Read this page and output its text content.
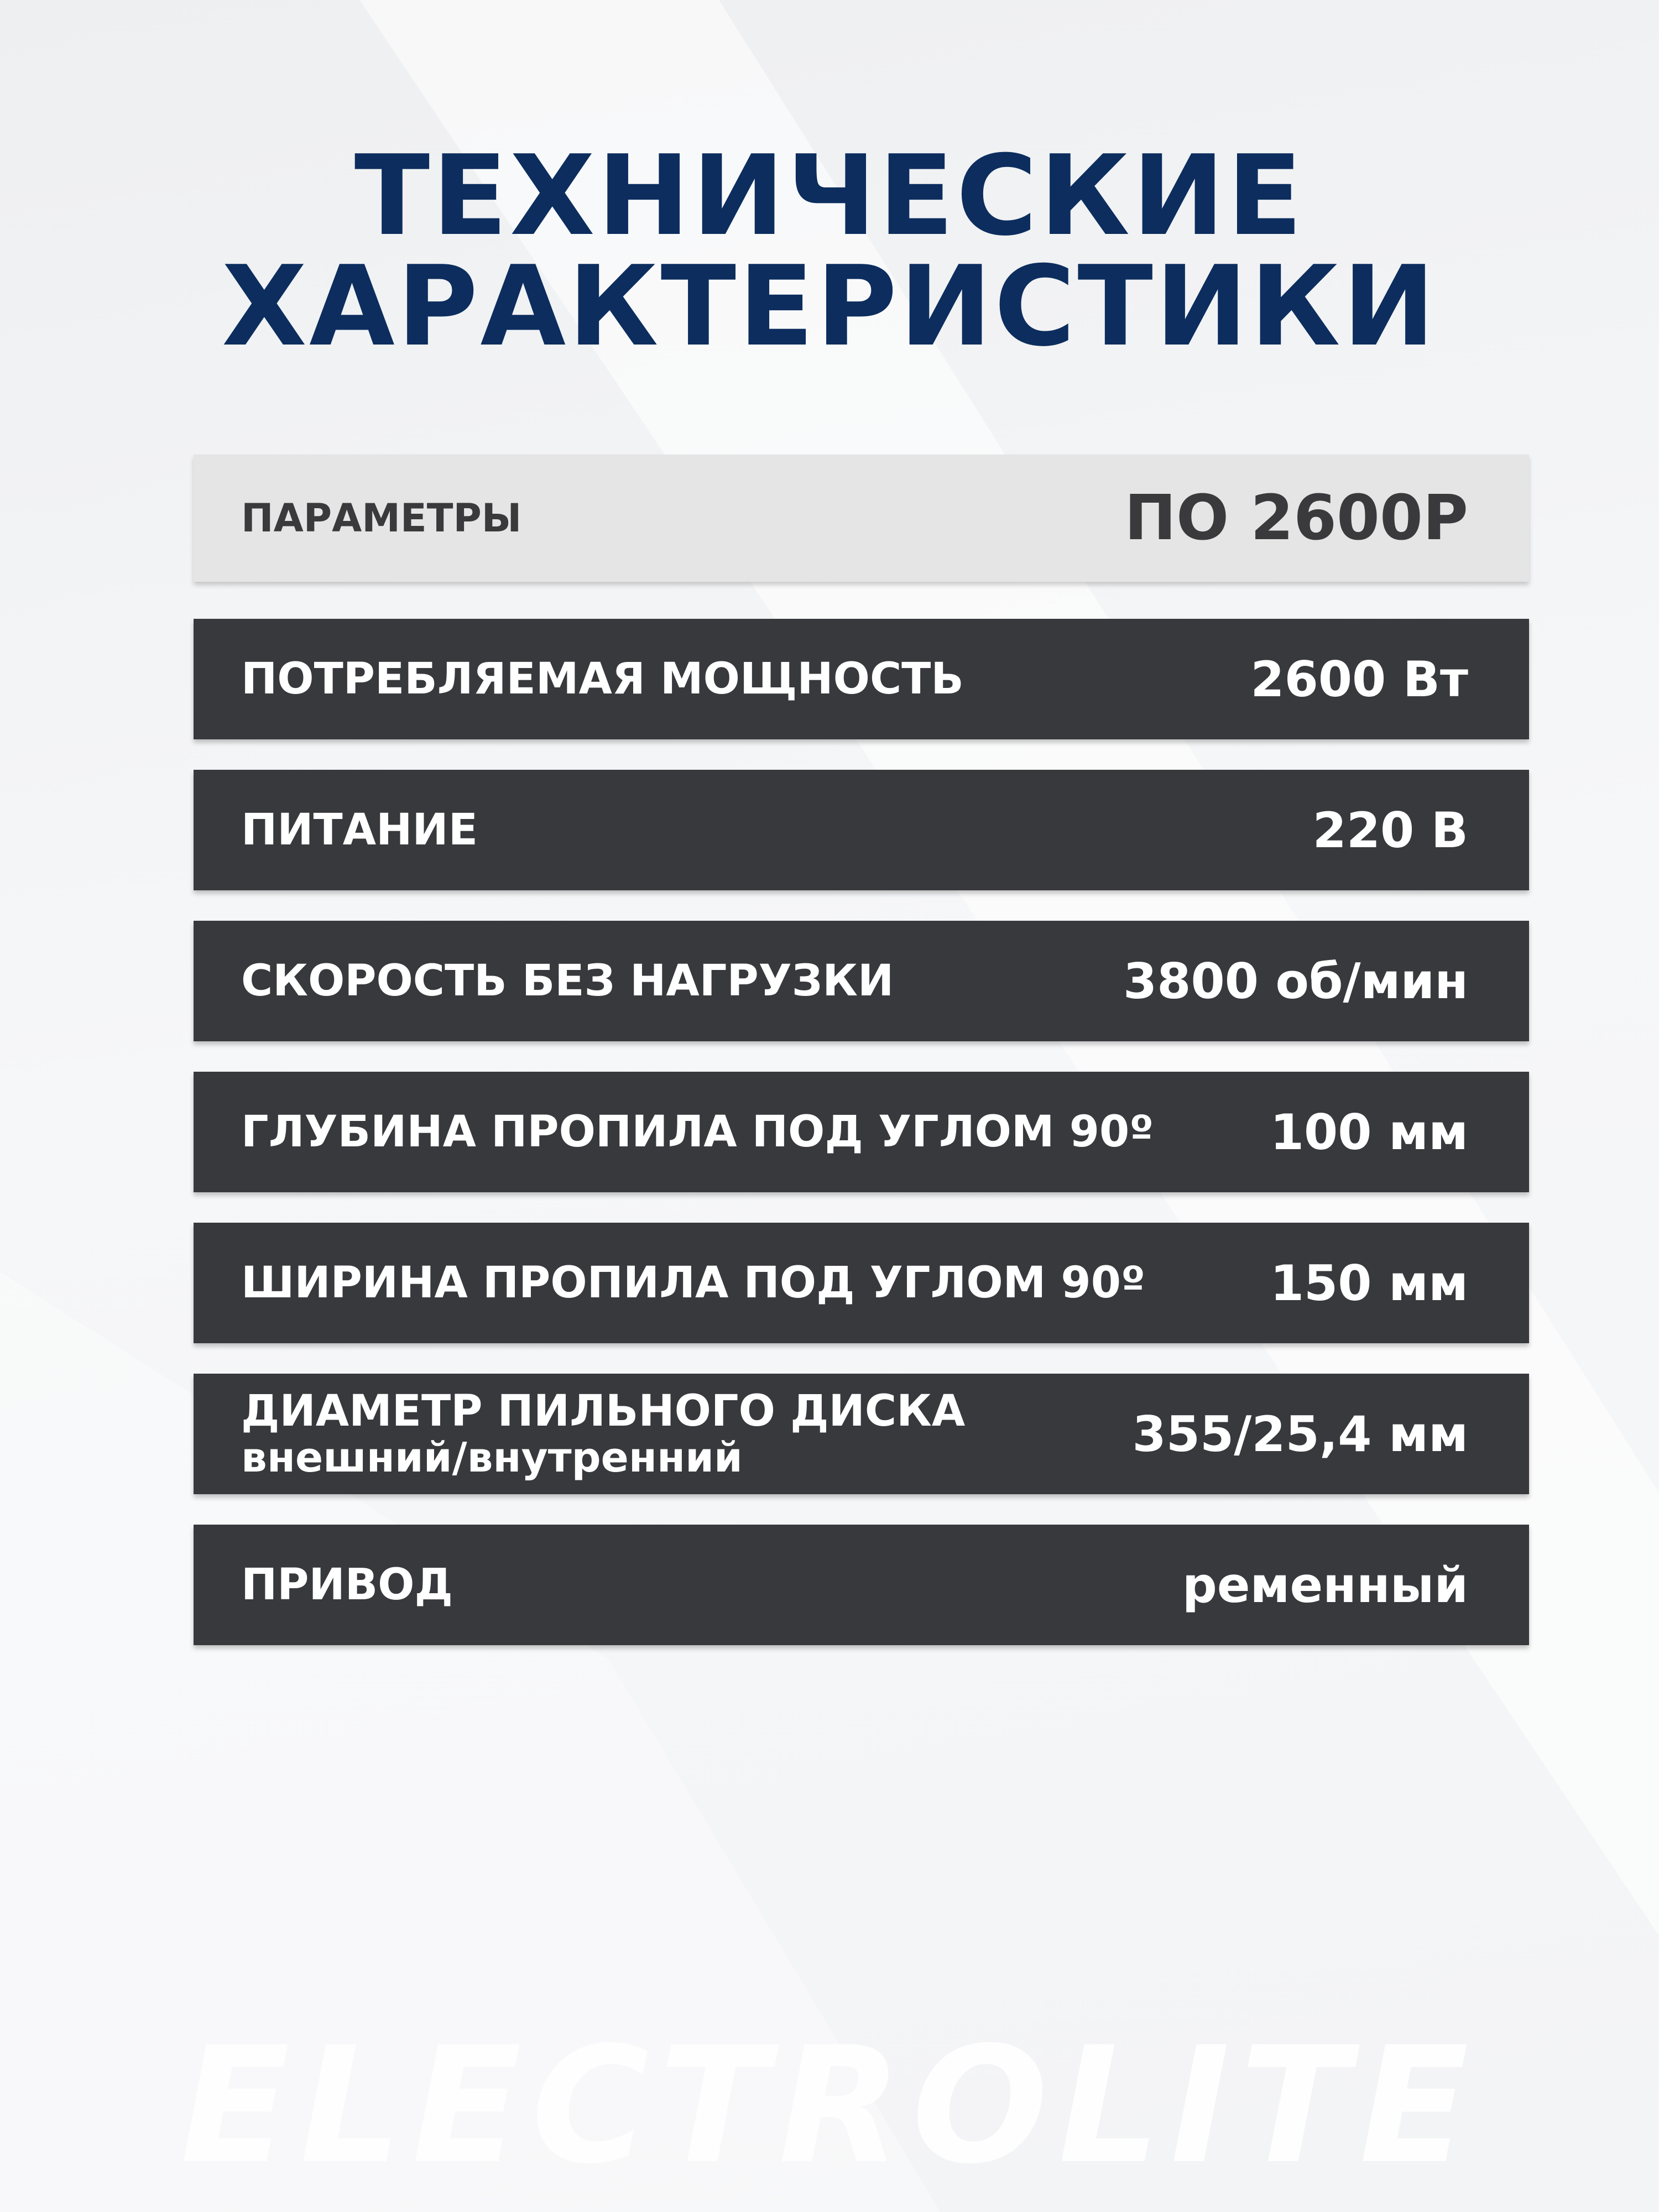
ТЕХНИЧЕСКИЕ
ХАРАКТЕРИСТИКИ
ПАРАМЕТРЫ	ПО 2600Р
ПОТРЕБЛЯЕМАЯ МОЩНОСТЬ	2600 Вт
ПИТАНИЕ	220 В
СКОРОСТЬ БЕЗ НАГРУЗКИ	3800 об/мин
ГЛУБИНА ПРОПИЛА ПОД УГЛОМ 90º	100 мм
ШИРИНА ПРОПИЛА ПОД УГЛОМ 90º	150 мм
ДИАМЕТР ПИЛЬНОГО ДИСКА
внешний/внутренний	355/25,4 мм
ПРИВОД	ременный
ELECTROLITE
